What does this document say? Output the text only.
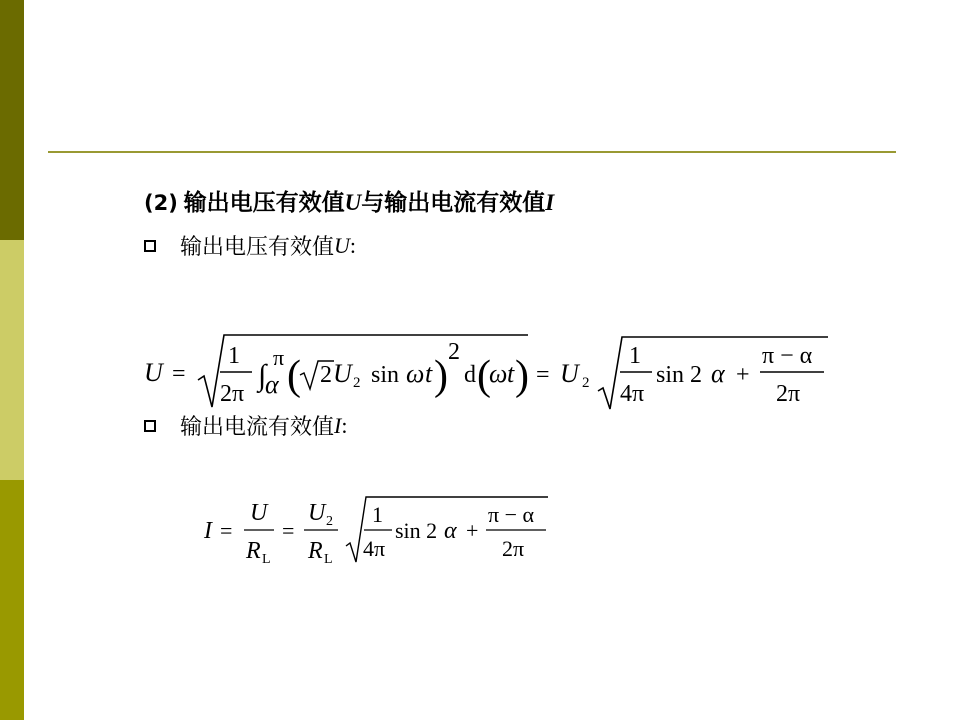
(2) 输出电压有效值U与输出电流有效值I
输出电压有效值 U :
U =
1
2π
∫
π
α ( 2 U 2 sin ω t )
2
d (
ω t ) = U 2
1
4π
sin 2 α +
π − α
2π
输出电流有效值 I :
I =
U
R L
=
U 2
R L
1
4π
sin 2 α +
π − α
2π
